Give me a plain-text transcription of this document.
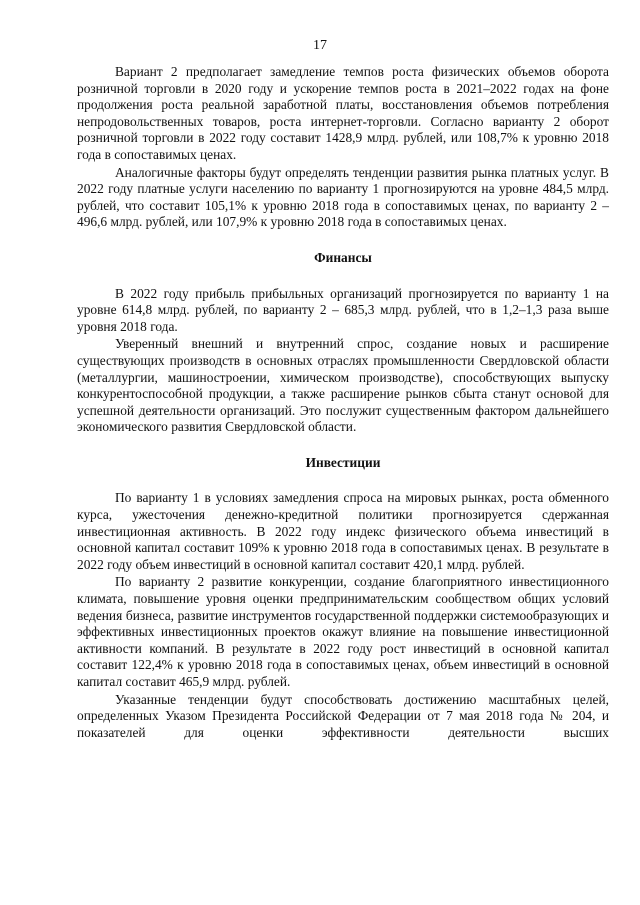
17

Вариант 2 предполагает замедление темпов роста физических объемов оборота розничной торговли в 2020 году и ускорение темпов роста в 2021–2022 годах на фоне продолжения роста реальной заработной платы, восстановления объемов потребления непродовольственных товаров, роста интернет-торговли. Согласно варианту 2 оборот розничной торговли в 2022 году составит 1428,9 млрд. рублей, или 108,7% к уровню 2018 года в сопоставимых ценах.

Аналогичные факторы будут определять тенденции развития рынка платных услуг. В 2022 году платные услуги населению по варианту 1 прогнозируются на уровне 484,5 млрд. рублей, что составит 105,1% к уровню 2018 года в сопоставимых ценах, по варианту 2 – 496,6 млрд. рублей, или 107,9% к уровню 2018 года в сопоставимых ценах.

Финансы

В 2022 году прибыль прибыльных организаций прогнозируется по варианту 1 на уровне 614,8 млрд. рублей, по варианту 2 – 685,3 млрд. рублей, что в 1,2–1,3 раза выше уровня 2018 года.

Уверенный внешний и внутренний спрос, создание новых и расширение существующих производств в основных отраслях промышленности Свердловской области (металлургии, машиностроении, химическом производстве), способствующих выпуску конкурентоспособной продукции, а также расширение рынков сбыта станут основой для успешной деятельности организаций. Это послужит существенным фактором дальнейшего экономического развития Свердловской области.

Инвестиции

По варианту 1 в условиях замедления спроса на мировых рынках, роста обменного курса, ужесточения денежно-кредитной политики прогнозируется сдержанная инвестиционная активность. В 2022 году индекс физического объема инвестиций в основной капитал составит 109% к уровню 2018 года в сопоставимых ценах. В результате в 2022 году объем инвестиций в основной капитал составит 420,1 млрд. рублей.

По варианту 2 развитие конкуренции, создание благоприятного инвестиционного климата, повышение уровня оценки предпринимательским сообществом общих условий ведения бизнеса, развитие инструментов государственной поддержки системообразующих и эффективных инвестиционных проектов окажут влияние на повышение инвестиционной активности компаний. В результате в 2022 году рост инвестиций в основной капитал составит 122,4% к уровню 2018 года в сопоставимых ценах, объем инвестиций в основной капитал составит 465,9 млрд. рублей.

Указанные тенденции будут способствовать достижению масштабных целей, определенных Указом Президента Российской Федерации от 7 мая 2018 года № 204, и показателей для оценки эффективности деятельности высших
